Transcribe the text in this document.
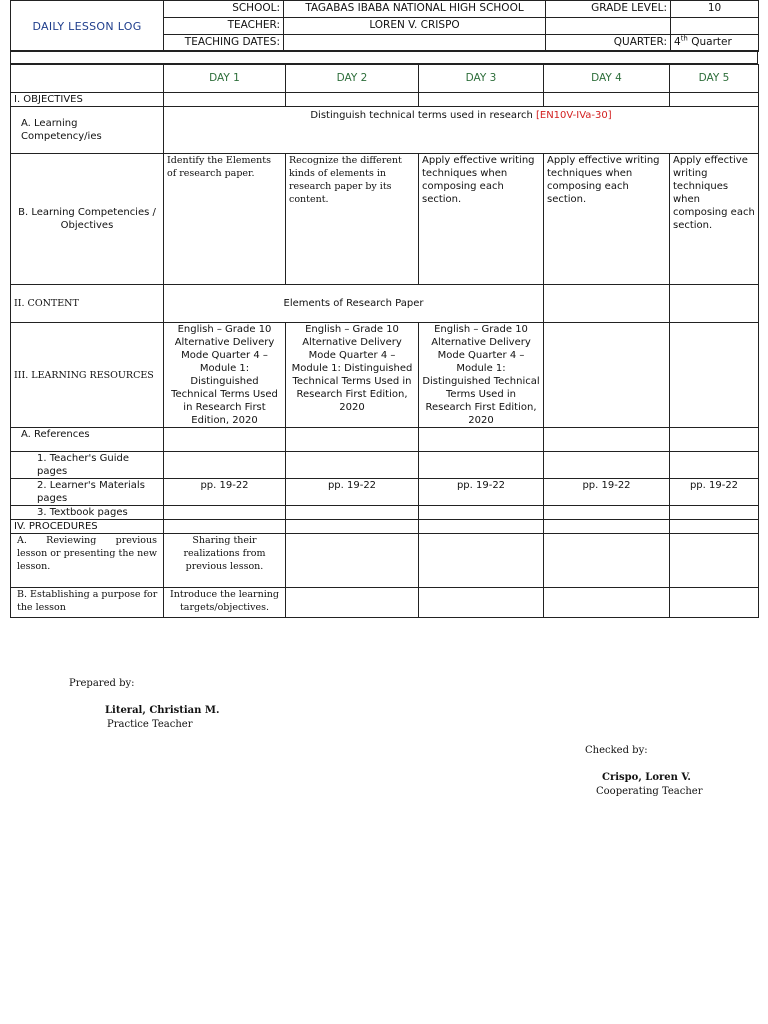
DAILY LESSON LOG	SCHOOL:	TAGABAS IBABA NATIONAL HIGH SCHOOL	GRADE LEVEL:	10
	TEACHER:	LOREN V. CRISPO		
	TEACHING DATES:		QUARTER:	4th Quarter
	DAY 1	DAY 2	DAY 3	DAY 4	DAY 5
I. OBJECTIVES					
A. Learning Competency/ies	Distinguish technical terms used in research [EN10V-IVa-30]				
B. Learning Competencies / Objectives	Identify the Elements of research paper.	Recognize the different kinds of elements in research paper by its content.	Apply effective writing techniques when composing each section.	Apply effective writing techniques when composing each section.	Apply effective writing techniques when composing each section.
II. CONTENT	Elements of Research Paper				
III. LEARNING RESOURCES	English – Grade 10 Alternative Delivery Mode Quarter 4 – Module 1: Distinguished Technical Terms Used in Research First Edition, 2020	English – Grade 10 Alternative Delivery Mode Quarter 4 – Module 1: Distinguished Technical Terms Used in Research First Edition, 2020	English – Grade 10 Alternative Delivery Mode Quarter 4 – Module 1: Distinguished Technical Terms Used in Research First Edition, 2020		
A. References					
1. Teacher's Guide pages					
2. Learner's Materials pages	pp. 19-22	pp. 19-22	pp. 19-22	pp. 19-22	pp. 19-22
3. Textbook pages					
IV. PROCEDURES					
A. Reviewing previous lesson or presenting the new lesson.	Sharing their realizations from previous lesson.				
B. Establishing a purpose for the lesson	Introduce the learning targets/objectives.				
Prepared by:
Literal, Christian M.
Practice Teacher
Checked by:
Crispo, Loren V.
Cooperating Teacher
